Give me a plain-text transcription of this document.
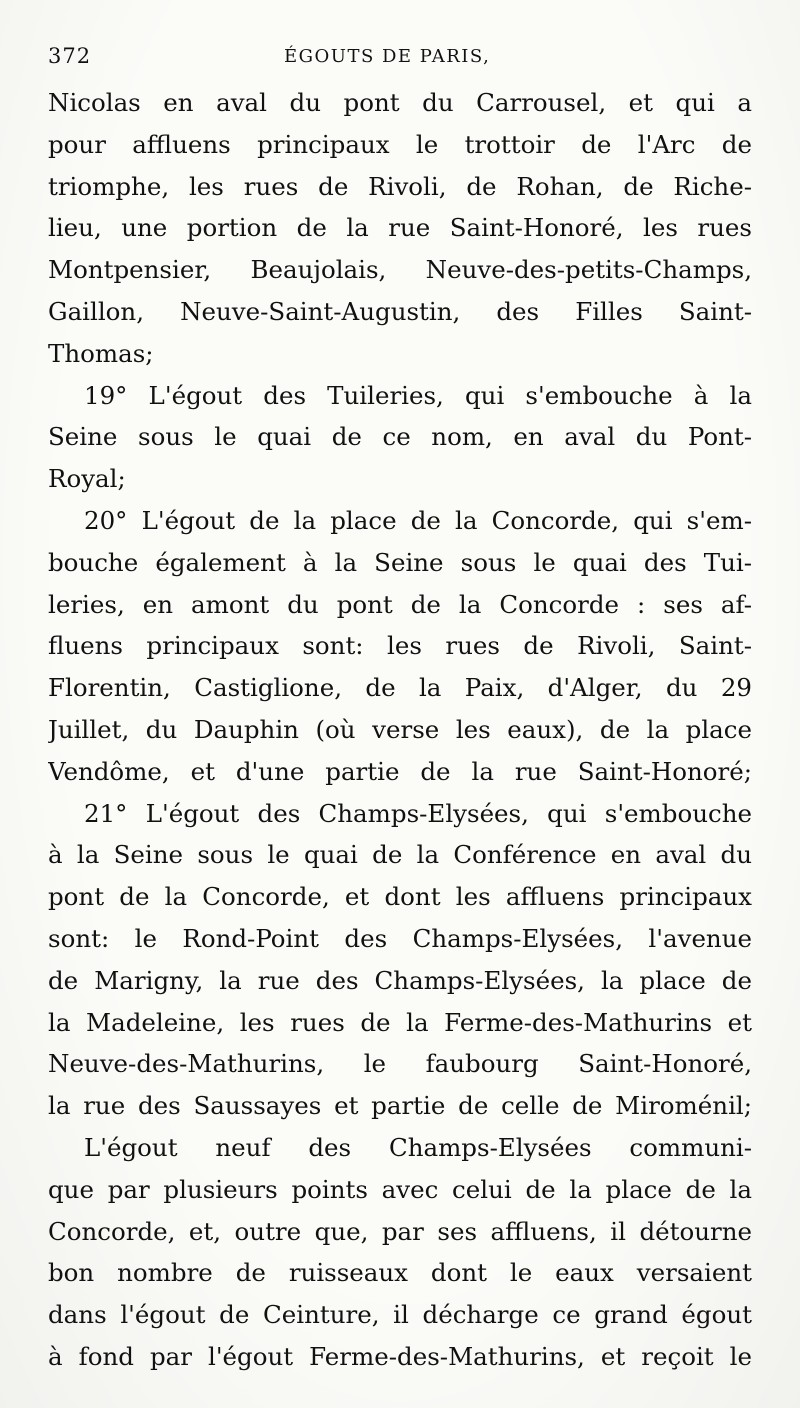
372	ÉGOUTS DE PARIS,
Nicolas en aval du pont du Carrousel, et qui a
pour affluens principaux le trottoir de l'Arc de
triomphe, les rues de Rivoli, de Rohan, de Riche-
lieu, une portion de la rue Saint-Honoré, les rues
Montpensier, Beaujolais, Neuve-des-petits-Champs,
Gaillon, Neuve-Saint-Augustin, des Filles Saint-
Thomas;
19° L'égout des Tuileries, qui s'embouche à la
Seine sous le quai de ce nom, en aval du Pont-
Royal;
20° L'égout de la place de la Concorde, qui s'em-
bouche également à la Seine sous le quai des Tui-
leries, en amont du pont de la Concorde : ses af-
fluens principaux sont: les rues de Rivoli, Saint-
Florentin, Castiglione, de la Paix, d'Alger, du 29
Juillet, du Dauphin (où verse les eaux), de la place
Vendôme, et d'une partie de la rue Saint-Honoré;
21° L'égout des Champs-Elysées, qui s'embouche
à la Seine sous le quai de la Conférence en aval du
pont de la Concorde, et dont les affluens principaux
sont: le Rond-Point des Champs-Elysées, l'avenue
de Marigny, la rue des Champs-Elysées, la place de
la Madeleine, les rues de la Ferme-des-Mathurins et
Neuve-des-Mathurins, le faubourg Saint-Honoré,
la rue des Saussayes et partie de celle de Miroménil;
L'égout neuf des Champs-Elysées communi-
que par plusieurs points avec celui de la place de la
Concorde, et, outre que, par ses affluens, il détourne
bon nombre de ruisseaux dont le eaux versaient
dans l'égout de Ceinture, il décharge ce grand égout
à fond par l'égout Ferme-des-Mathurins, et reçoit le
